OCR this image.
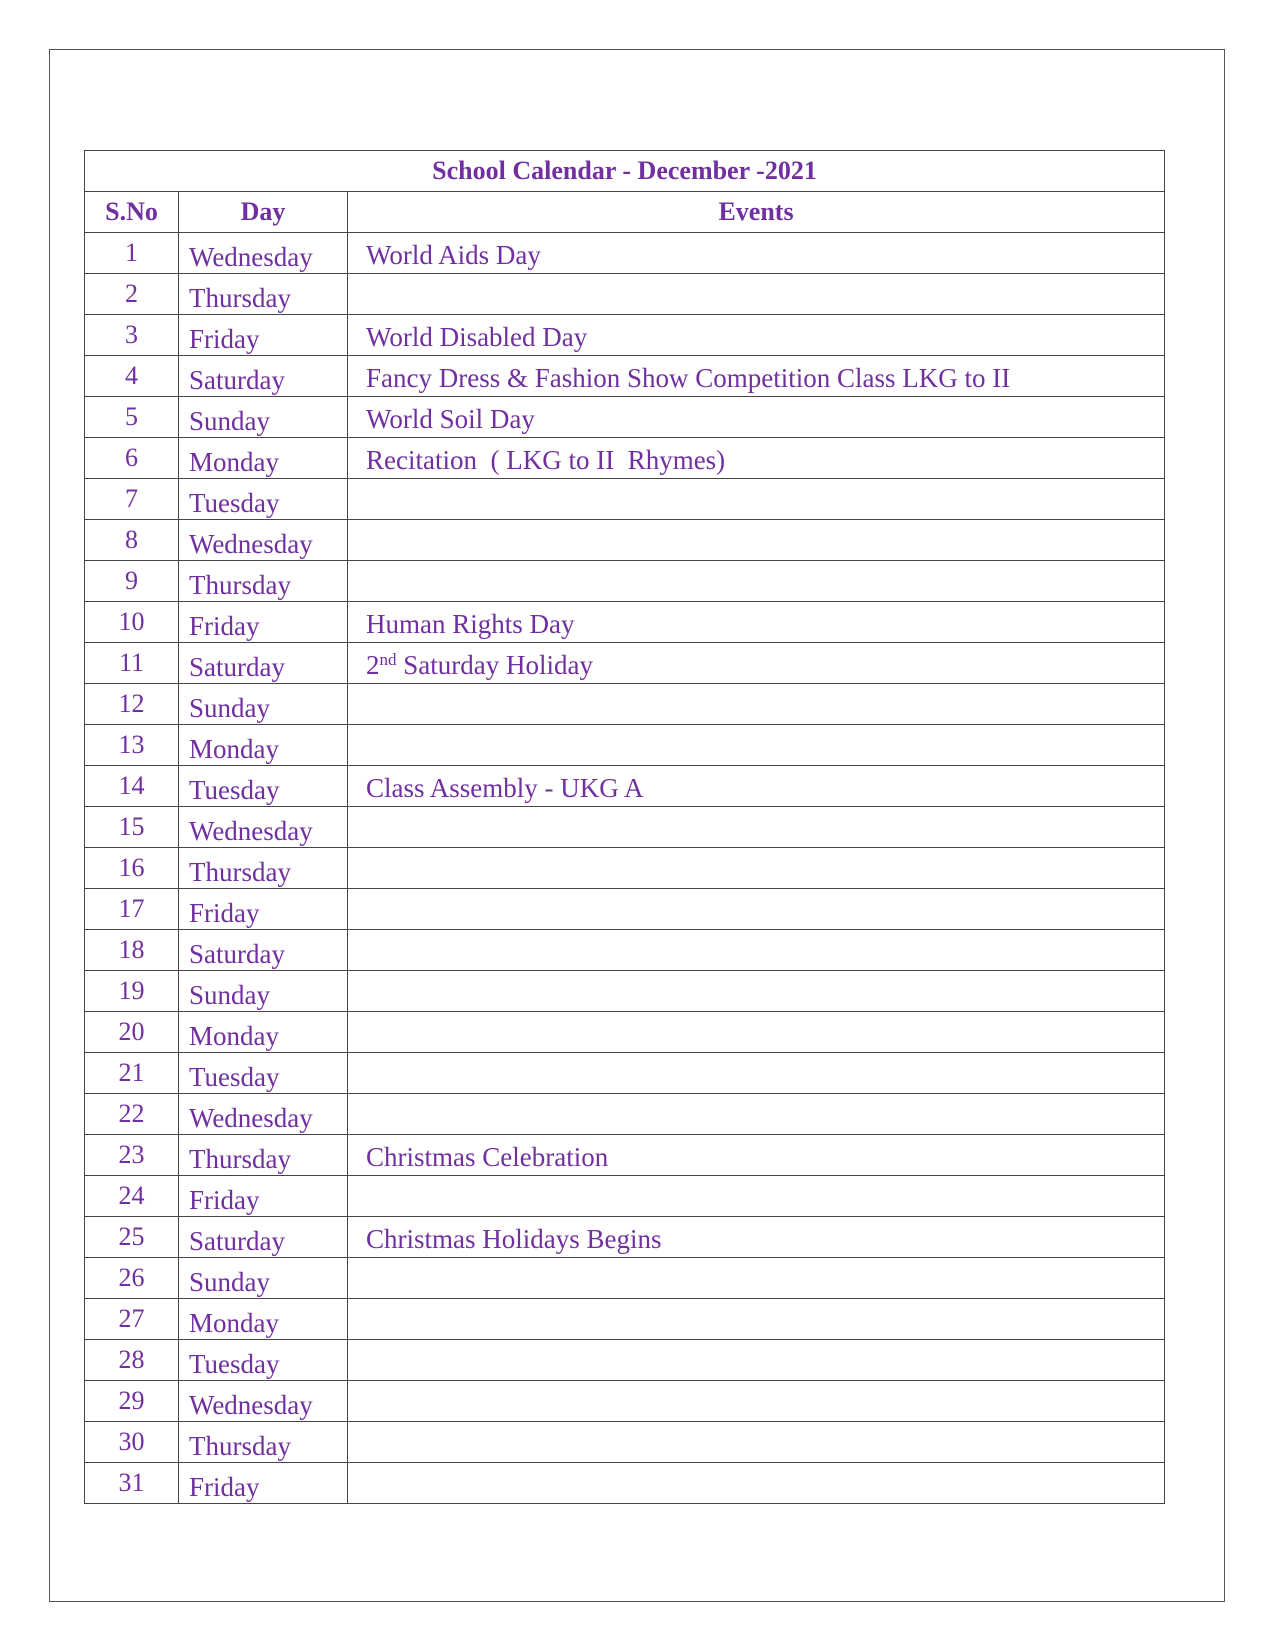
School Calendar - December -2021		
S.No	Day	Events
1	Wednesday	World Aids Day
2	Thursday	
3	Friday	World Disabled Day
4	Saturday	Fancy Dress & Fashion Show Competition Class LKG to II
5	Sunday	World Soil Day
6	Monday	Recitation  ( LKG to II  Rhymes)
7	Tuesday	
8	Wednesday	
9	Thursday	
10	Friday	Human Rights Day
11	Saturday	2nd Saturday Holiday
12	Sunday	
13	Monday	
14	Tuesday	Class Assembly - UKG A
15	Wednesday	
16	Thursday	
17	Friday	
18	Saturday	
19	Sunday	
20	Monday	
21	Tuesday	
22	Wednesday	
23	Thursday	Christmas Celebration
24	Friday	
25	Saturday	Christmas Holidays Begins
26	Sunday	
27	Monday	
28	Tuesday	
29	Wednesday	
30	Thursday	
31	Friday	
